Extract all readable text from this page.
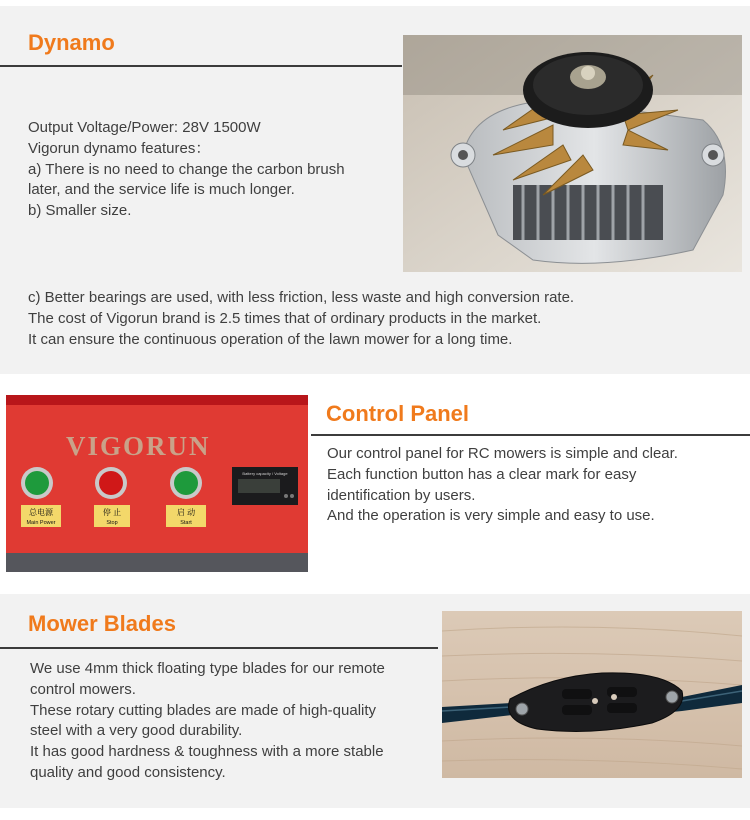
Dynamo
Output Voltage/Power: 28V 1500W
Vigorun dynamo features：
a) There is no need to change the carbon brush
later, and the service life is much longer.
b) Smaller size.
c) Better bearings are used, with less friction, less waste and high conversion rate.
The cost of Vigorun brand is 2.5 times that of ordinary products in the market.
It can ensure the continuous operation of the lawn mower for a long time.
VIGORUN
总电源
Main Power
停 止
Stop
启 动
Start
Battery capacity / Voltage
Control Panel
Our control panel for RC mowers is simple and clear.
Each function button has a clear mark for easy
identification by users.
And the operation is very simple and easy to use.
Mower Blades
We use 4mm thick floating type blades for our remote
control mowers.
These rotary cutting blades are made of high-quality
steel with a very good durability.
It has good hardness & toughness with a more stable
quality and good consistency.
